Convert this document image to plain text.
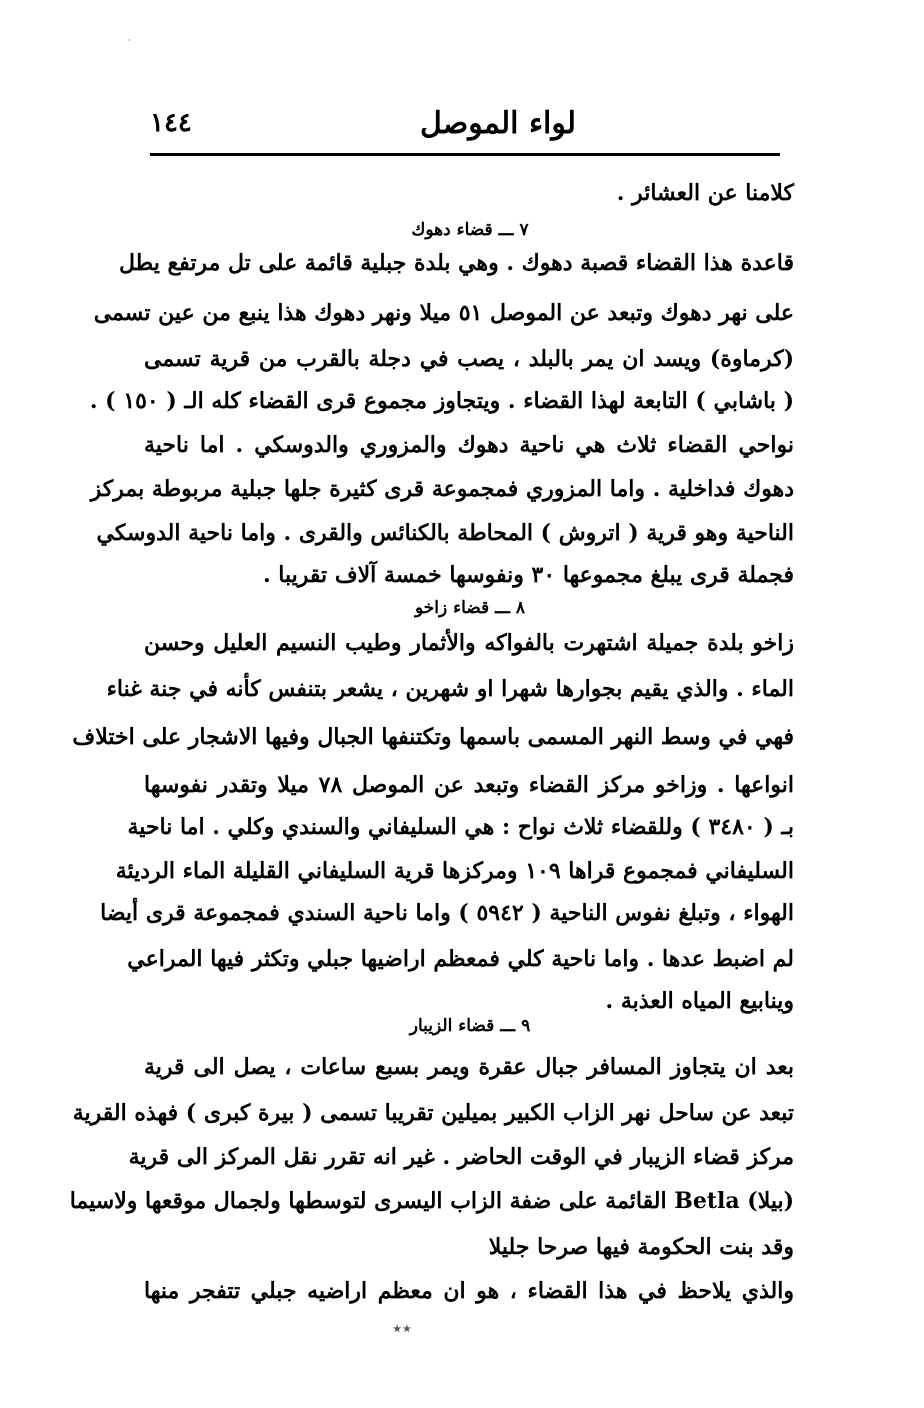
·
لواء الموصل
١٤٤
كلامنا عن العشائر .
٧ ـــ قضاء دهوك
قاعدة هذا القضاء قصبة دهوك . وهي بلدة جبلية قائمة على تل مرتفع يطل
على نهر دهوك وتبعد عن الموصل ٥١ ميلا ونهر دهوك هذا ينبع من عين تسمى
(كرماوة) ويسد ان يمر بالبلد ، يصب في دجلة بالقرب من قرية تسمى
( باشابي ) التابعة لهذا القضاء . ويتجاوز مجموع قرى القضاء كله الـ ( ١٥٠ ) .
نواحي القضاء ثلاث هي ناحية دهوك والمزوري والدوسكي . اما ناحية
دهوك فداخلية . واما المزوري فمجموعة قرى كثيرة جلها جبلية مربوطة بمركز
الناحية وهو قرية ( اتروش ) المحاطة بالكنائس والقرى . واما ناحية الدوسكي
فجملة قرى يبلغ مجموعها ٣٠ ونفوسها خمسة آلاف تقريبا .
٨ ـــ قضاء زاخو
زاخو بلدة جميلة اشتهرت بالفواكه والأثمار وطيب النسيم العليل وحسن
الماء . والذي يقيم بجوارها شهرا او شهرين ، يشعر بتنفس كأنه في جنة غناء
فهي في وسط النهر المسمى باسمها وتكتنفها الجبال وفيها الاشجار على اختلاف
انواعها . وزاخو مركز القضاء وتبعد عن الموصل ٧٨ ميلا وتقدر نفوسها
بـ ( ٣٤٨٠ ) وللقضاء ثلاث نواح : هي السليفاني والسندي وكلي . اما ناحية
السليفاني فمجموع قراها ١٠٩ ومركزها قرية السليفاني القليلة الماء الرديئة
الهواء ، وتبلغ نفوس الناحية ( ٥٩٤٢ ) واما ناحية السندي فمجموعة قرى أيضا
لم اضبط عدها . واما ناحية كلي فمعظم اراضيها جبلي وتكثر فيها المراعي
وينابيع المياه العذبة .
٩ ـــ قضاء الزيبار
بعد ان يتجاوز المسافر جبال عقرة ويمر بسبع ساعات ، يصل الى قرية
تبعد عن ساحل نهر الزاب الكبير بميلين تقريبا تسمى ( بيرة كبرى ) فهذه القرية
مركز قضاء الزيبار في الوقت الحاضر . غير انه تقرر نقل المركز الى قرية
(بيلا) Betla القائمة على ضفة الزاب اليسرى لتوسطها ولجمال موقعها ولاسيما
وقد بنت الحكومة فيها صرحا جليلا
والذي يلاحظ في هذا القضاء ، هو ان معظم اراضيه جبلي تتفجر منها
٭٭
